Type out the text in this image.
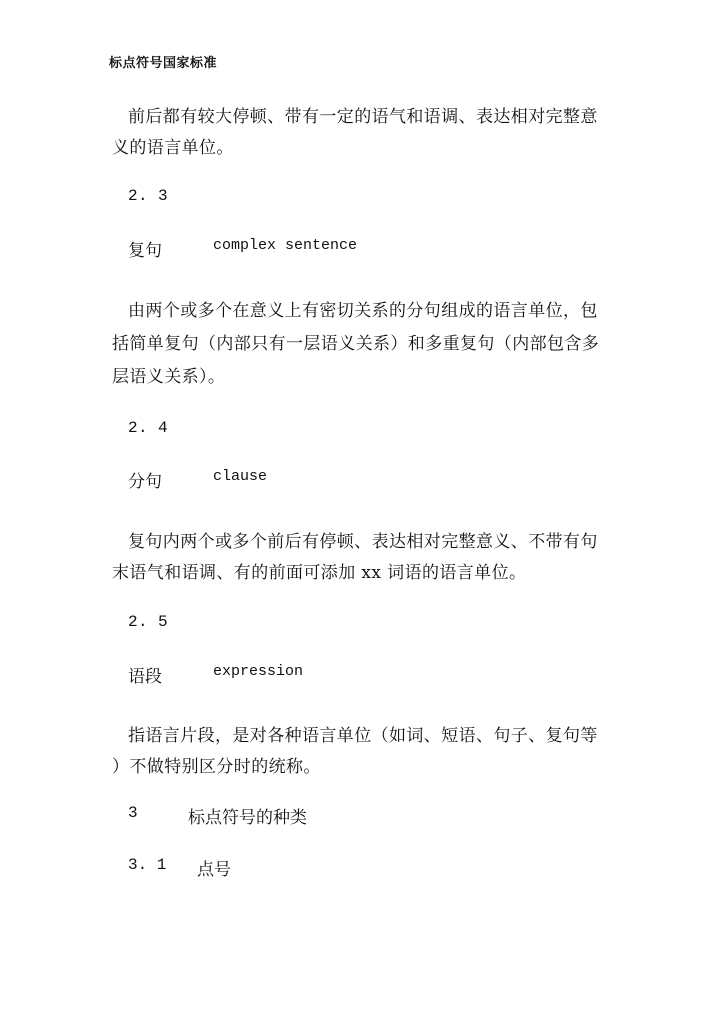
标点符号国家标准
前后都有较大停顿、带有一定的语气和语调、表达相对完整意
义的语言单位。
2. 3
复句	complex sentence
由两个或多个在意义上有密切关系的分句组成的语言单位，包
括简单复句（内部只有一层语义关系）和多重复句（内部包含多
层语义关系）。
2. 4
分句	clause
复句内两个或多个前后有停顿、表达相对完整意义、不带有句
末语气和语调、有的前面可添加 xx 词语的语言单位。
2. 5
语段	expression
指语言片段，是对各种语言单位（如词、短语、句子、复句等
）不做特别区分时的统称。
3	标点符号的种类
3. 1 点号
